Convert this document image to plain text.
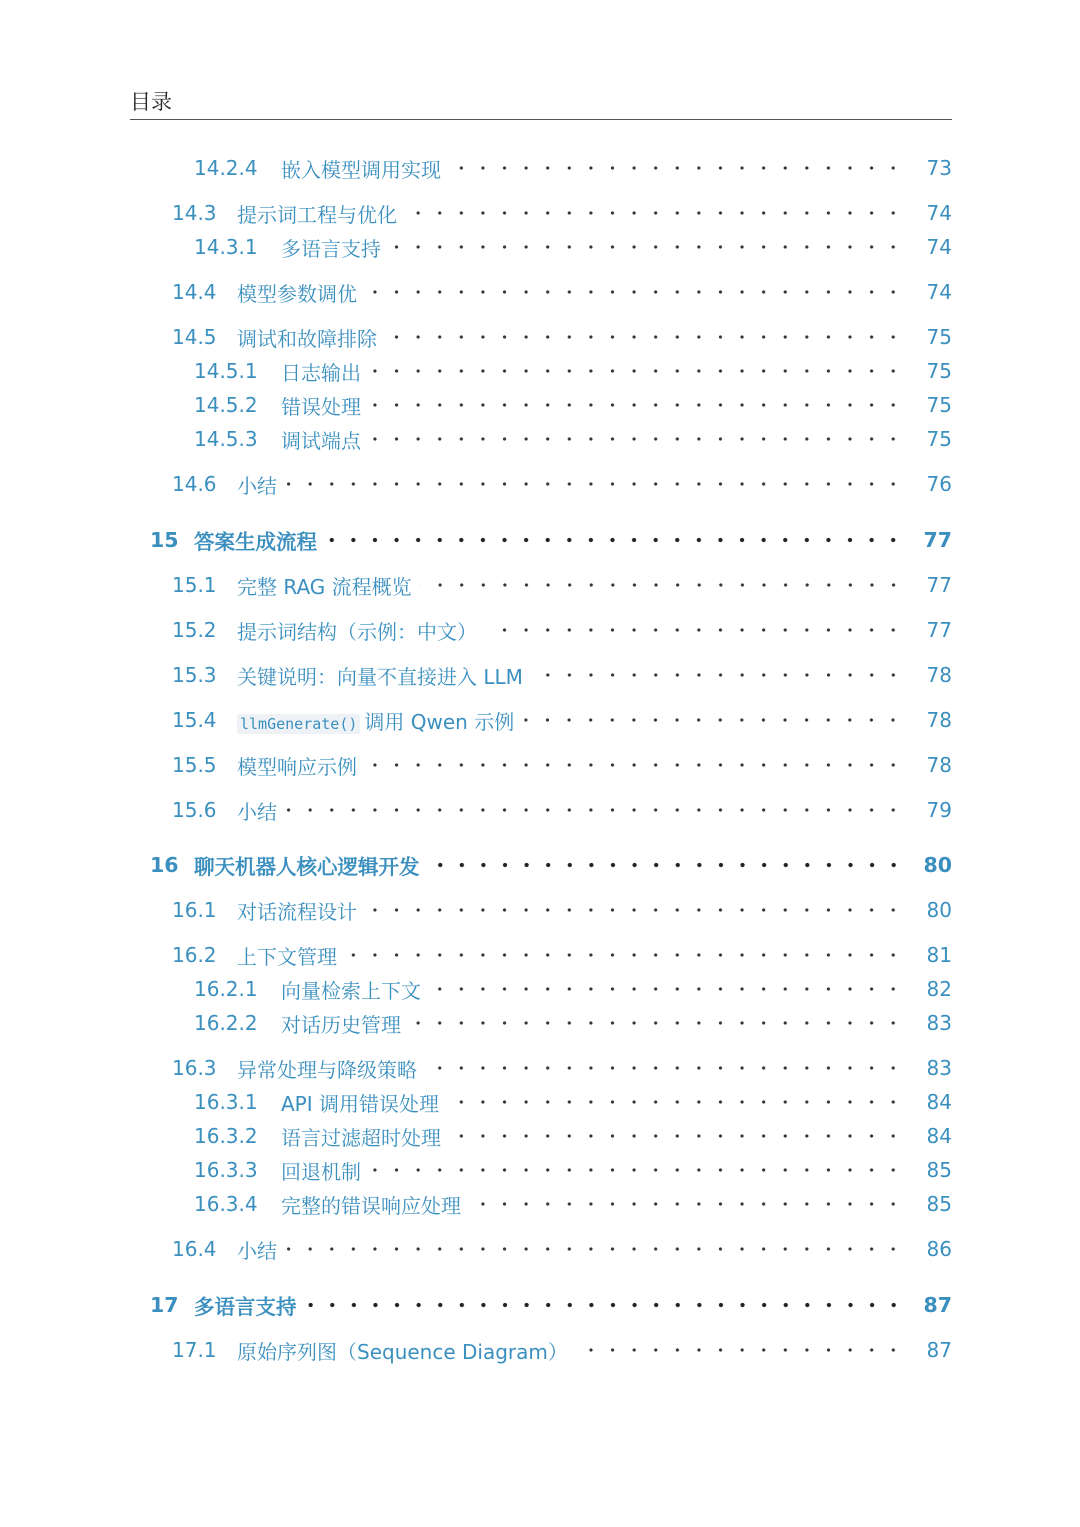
目录
14.2.4	嵌入模型调用实现	73
14.3	提示词工程与优化	74
14.3.1	多语言支持	74
14.4	模型参数调优	74
14.5	调试和故障排除	75
14.5.1	日志输出	75
14.5.2	错误处理	75
14.5.3	调试端点	75
14.6	小结	76
15 答案生成流程	77
15.1	完整 RAG 流程概览	77
15.2	提示词结构（示例：中文）	77
15.3	关键说明：向量不直接进入 LLM	78
15.4	llmGenerate() 调用 Qwen 示例	78
15.5	模型响应示例	78
15.6	小结	79
16 聊天机器人核心逻辑开发	80
16.1	对话流程设计	80
16.2	上下文管理	81
16.2.1	向量检索上下文	82
16.2.2	对话历史管理	83
16.3	异常处理与降级策略	83
16.3.1	API 调用错误处理	84
16.3.2	语言过滤超时处理	84
16.3.3	回退机制	85
16.3.4	完整的错误响应处理	85
16.4	小结	86
17 多语言支持	87
17.1	原始序列图（Sequence Diagram）	87
